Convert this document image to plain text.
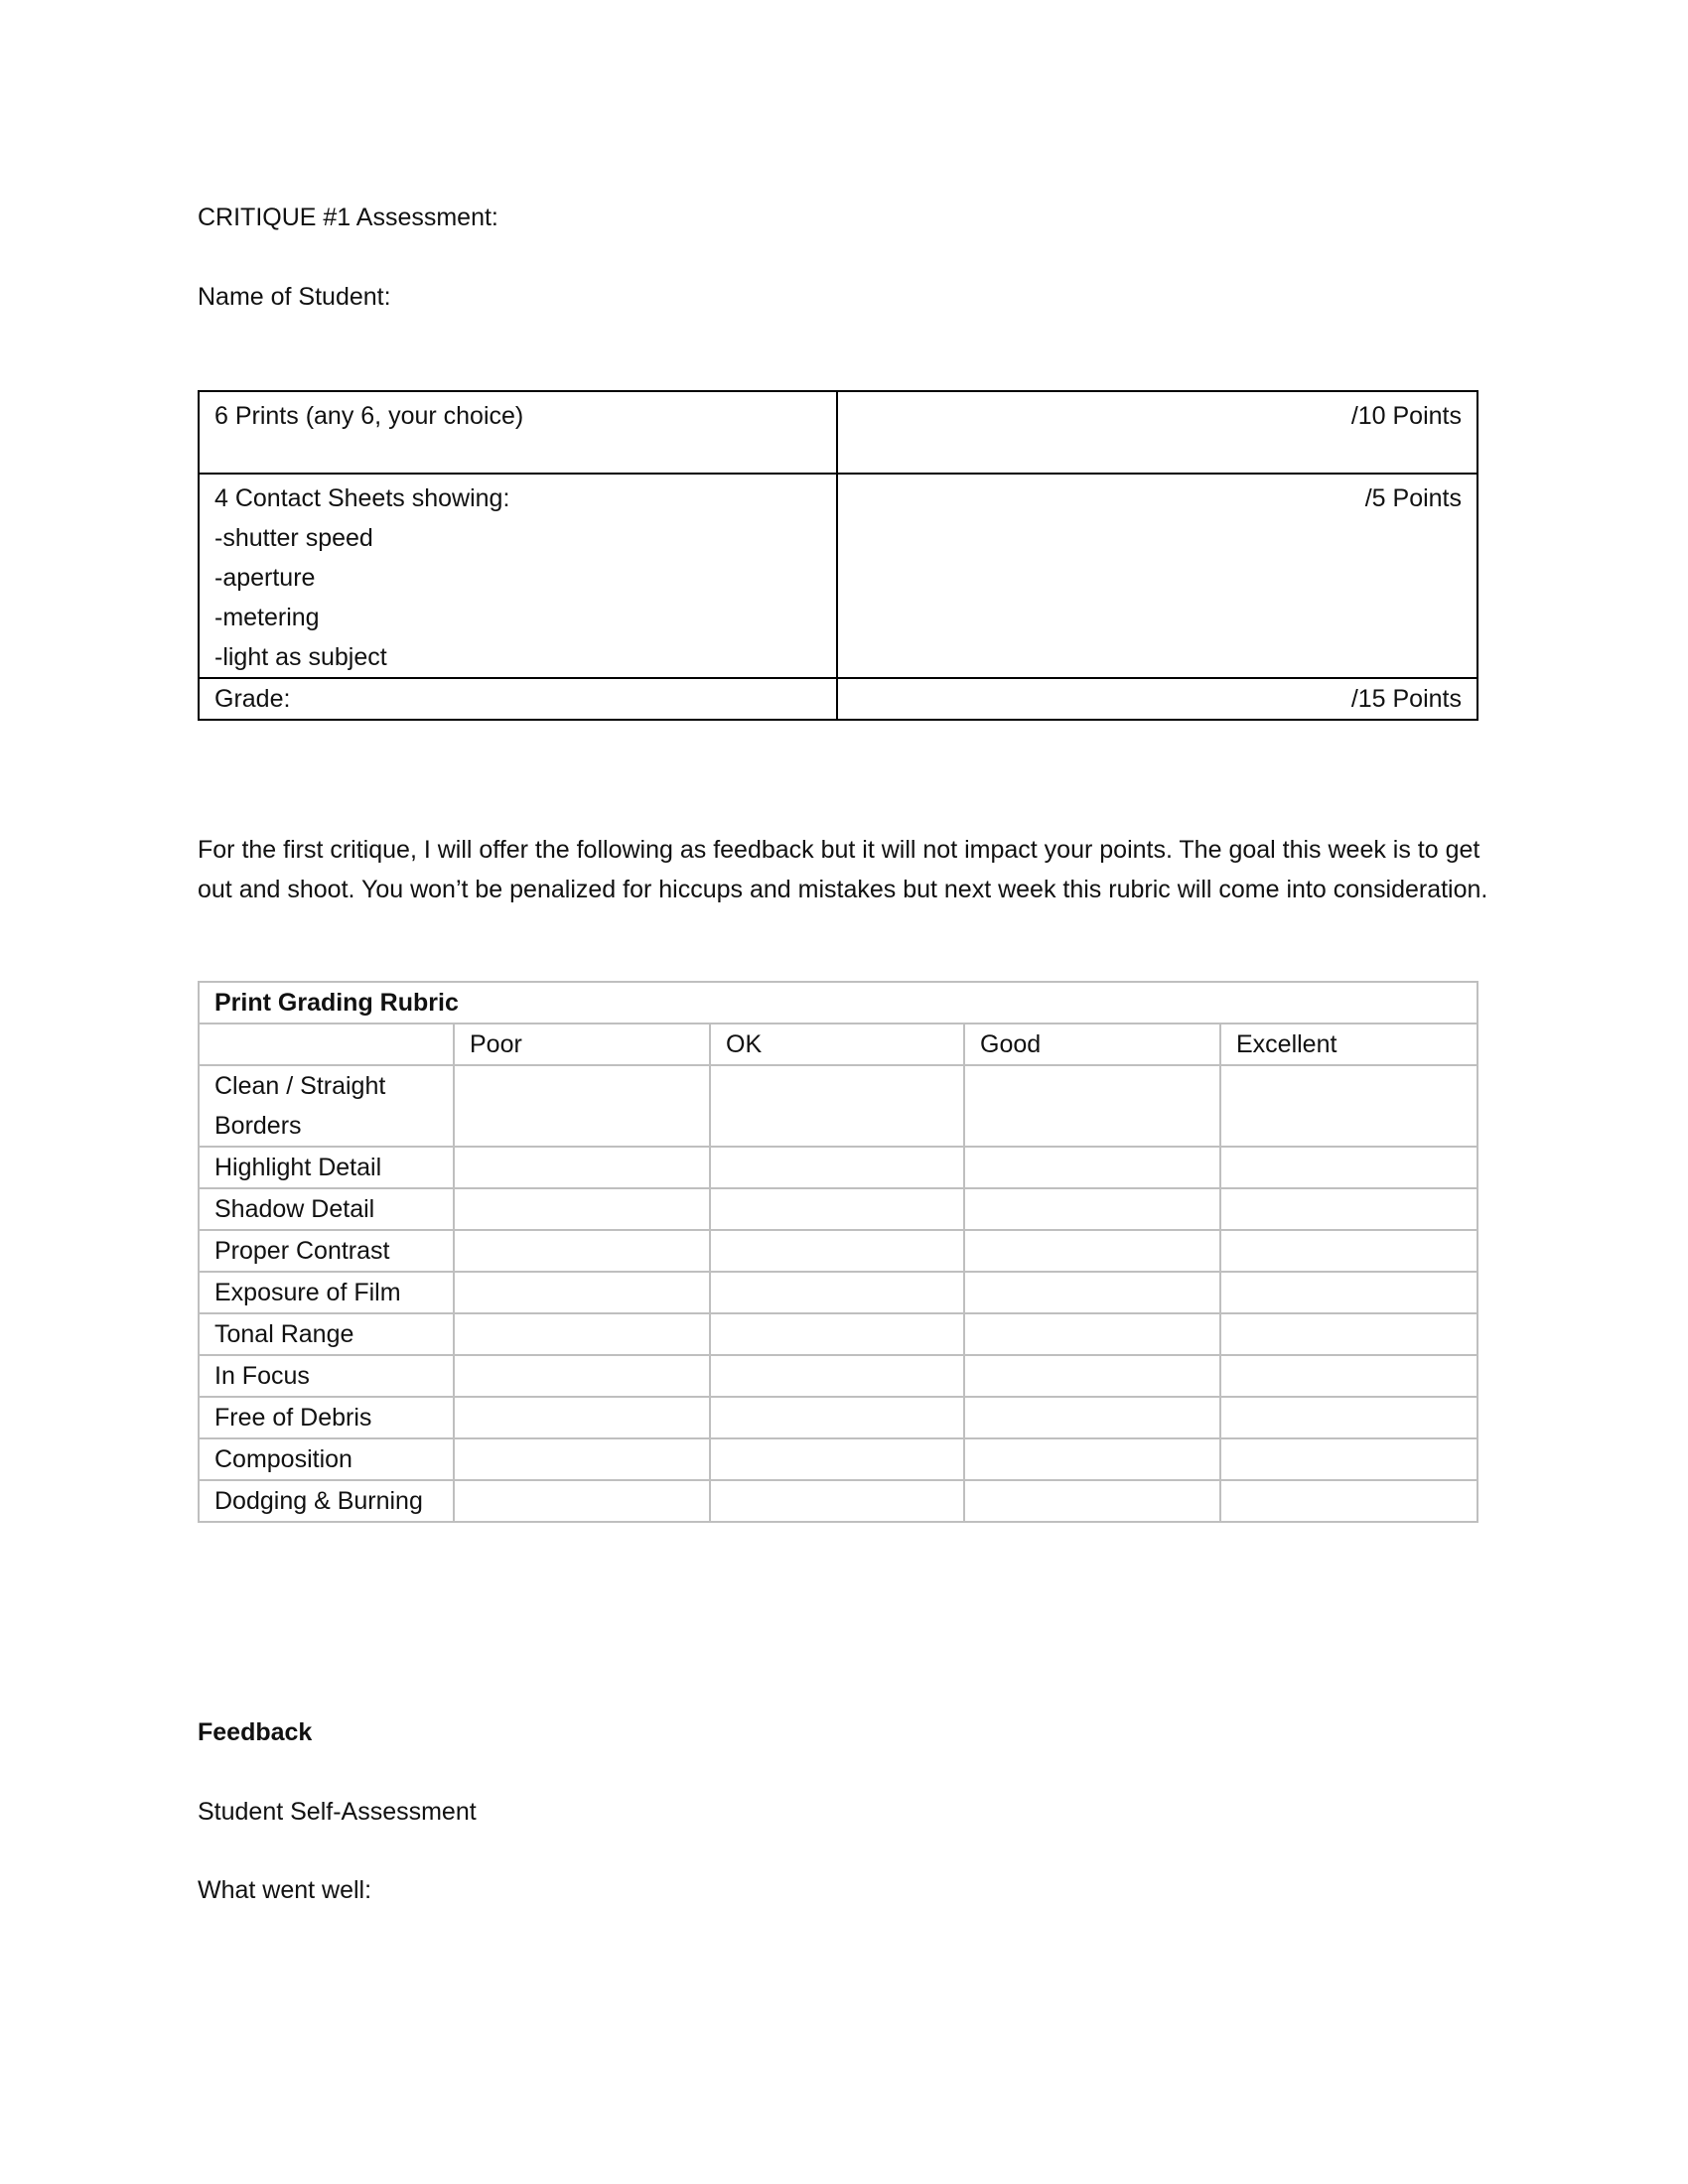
CRITIQUE #1 Assessment:
Name of Student:
6 Prints (any 6, your choice)	/10 Points

4 Contact Sheets showing:
-shutter speed
-aperture
-metering
-light as subject	/5 Points
Grade:	/15 Points
For the first critique, I will offer the following as feedback but it will not impact your points. The goal this week is to get out and shoot. You won’t be penalized for hiccups and mistakes but next week this rubric will come into consideration.
Print Grading Rubric				
	Poor	OK	Good	Excellent
Clean / Straight Borders				
Highlight Detail				
Shadow Detail				
Proper Contrast				
Exposure of Film				
Tonal Range				
In Focus				
Free of Debris				
Composition				
Dodging & Burning				
Feedback
Student Self-Assessment
What went well:
